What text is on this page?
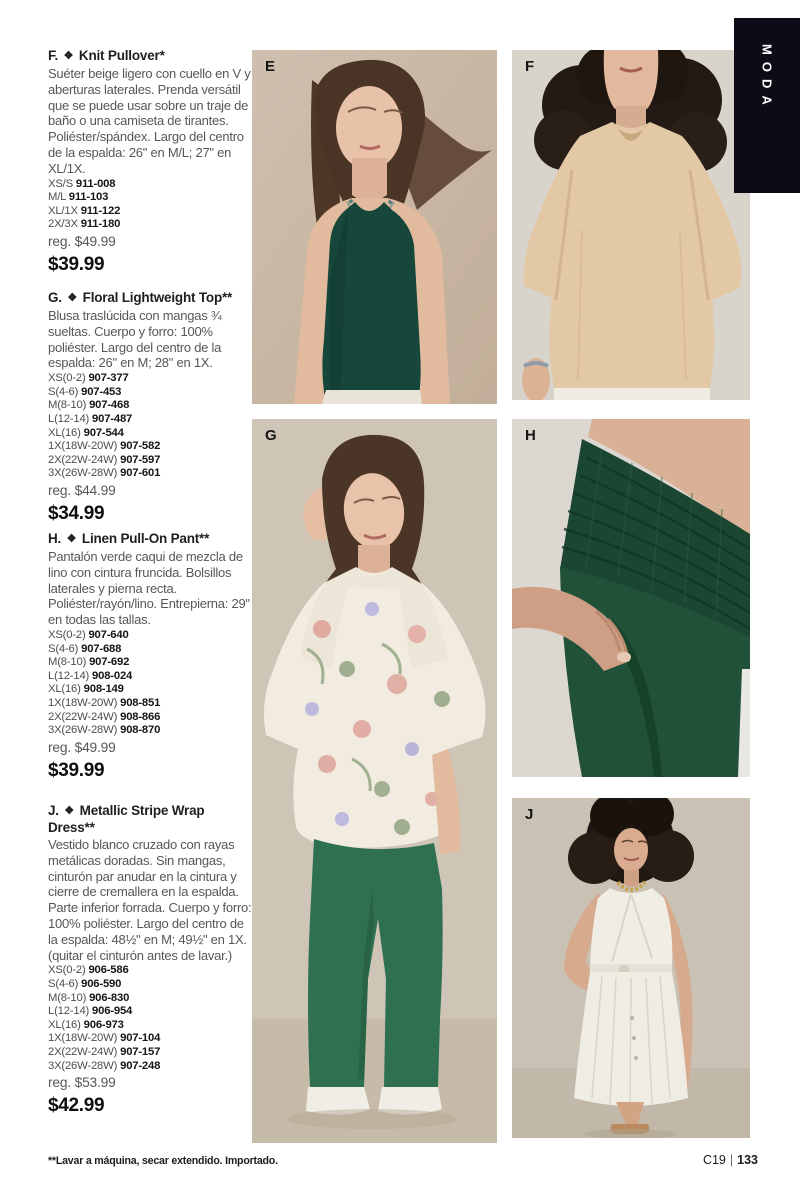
F. ❖ Knit Pullover*

Suéter beige ligero con cuello en V y aberturas laterales. Prenda versátil que se puede usar sobre un traje de baño o una camiseta de tirantes. Poliéster/spándex. Largo del centro de la espalda: 26" en M/L; 27" en XL/1X.

XS/S 911-008
M/L 911-103
XL/1X 911-122
2X/3X 911-180
reg. $49.99
$39.99
G. ❖ Floral Lightweight Top**

Blusa traslúcida con mangas ¾ sueltas. Cuerpo y forro: 100% poliéster. Largo del centro de la espalda: 26" en M; 28" en 1X.

XS(0-2) 907-377
S(4-6) 907-453
M(8-10) 907-468
L(12-14) 907-487
XL(16) 907-544
1X(18W-20W) 907-582
2X(22W-24W) 907-597
3X(26W-28W) 907-601
reg. $44.99
$34.99
H. ❖ Linen Pull-On Pant**

Pantalón verde caqui de mezcla de lino con cintura fruncida. Bolsillos laterales y pierna recta. Poliéster/rayón/lino. Entrepierna: 29" en todas las tallas.

XS(0-2) 907-640
S(4-6) 907-688
M(8-10) 907-692
L(12-14) 908-024
XL(16) 908-149
1X(18W-20W) 908-851
2X(22W-24W) 908-866
3X(26W-28W) 908-870
reg. $49.99
$39.99
J. ❖ Metallic Stripe Wrap Dress**

Vestido blanco cruzado con rayas metálicas doradas. Sin mangas, cinturón par anudar en la cintura y cierre de cremallera en la espalda. Parte inferior forrada. Cuerpo y forro: 100% poliéster. Largo del centro de la espalda: 48½" en M; 49½" en 1X. (quitar el cinturón antes de lavar.)

XS(0-2) 906-586
S(4-6) 906-590
M(8-10) 906-830
L(12-14) 906-954
XL(16) 906-973
1X(18W-20W) 907-104
2X(22W-24W) 907-157
3X(26W-28W) 907-248
reg. $53.99
$42.99
E	F
G	H
J
MODA
**Lavar a máquina, secar extendido. Importado.	C19 | 133
